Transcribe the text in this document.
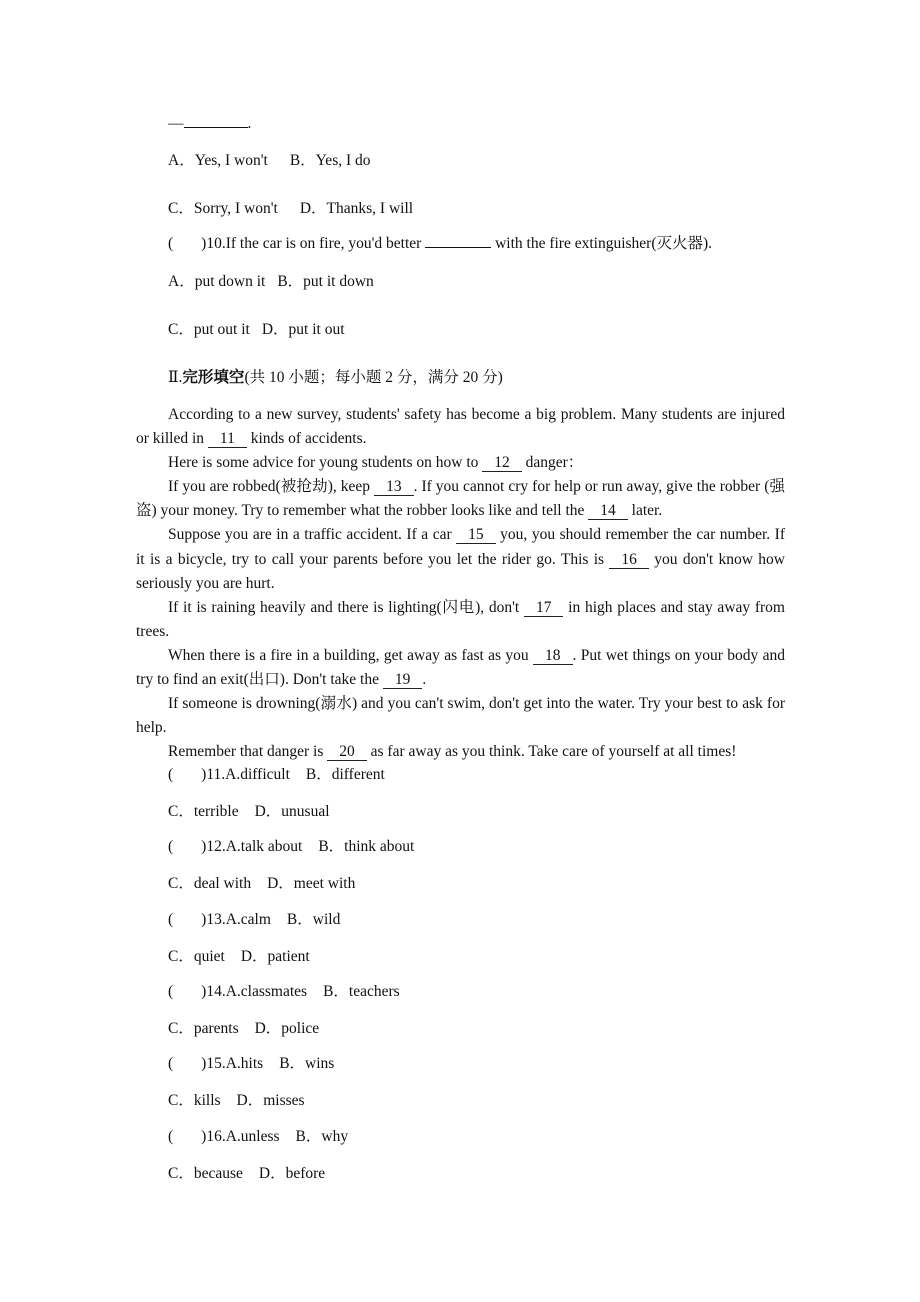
—	.
A．Yes, I won't B．Yes, I do
C．Sorry, I won't D．Thanks, I will
( )10.If the car is on fire, you'd better	with the fire extinguisher(灭火器).
A．put down it B．put it down
C．put out it D．put it out
Ⅱ.完形填空(共 10 小题；每小题 2 分，满分 20 分)

According to a new survey, students' safety has become a big problem. Many students are injured or killed in 11 kinds of accidents.

Here is some advice for young students on how to 12 danger：

If you are robbed(被抢劫), keep 13 . If you cannot cry for help or run away, give the robber (强盗) your money. Try to remember what the robber looks like and tell the 14 later.

Suppose you are in a traffic accident. If a car 15 you, you should remember the car number. If it is a bicycle, try to call your parents before you let the rider go. This is 16 you don't know how seriously you are hurt.

If it is raining heavily and there is lighting(闪电), don't 17 in high places and stay away from trees.

When there is a fire in a building, get away as fast as you 18 . Put wet things on your body and try to find an exit(出口). Don't take the 19 .

If someone is drowning(溺水) and you can't swim, don't get into the water. Try your best to ask for help.

Remember that danger is 20 as far away as you think. Take care of yourself at all times!

( )11.A.difficult B．different
C．terrible D．unusual
( )12.A.talk about B．think about
C．deal with D．meet with
( )13.A.calm B．wild
C．quiet D．patient
( )14.A.classmates B．teachers
C．parents D．police
( )15.A.hits B．wins
C．kills D．misses
( )16.A.unless B．why
C．because D．before
